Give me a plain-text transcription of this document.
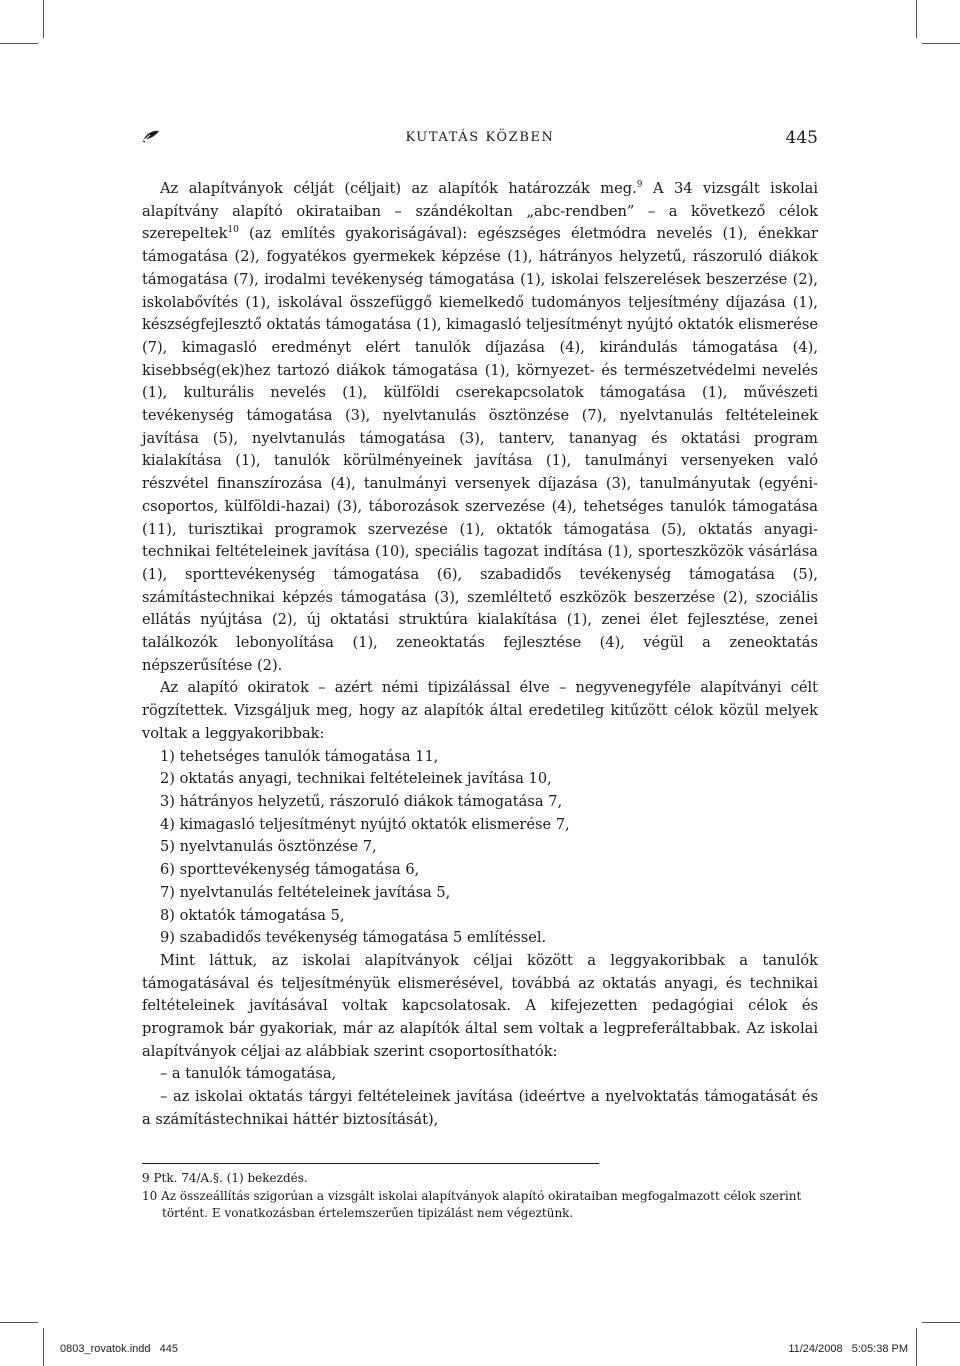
KUTATÁS KÖZBEN	445

Az alapítványok célját (céljait) az alapítók határozzák meg.$^9$ A 34 vizsgált iskolai alapítvány alapító okirataiban – szándékoltan „abc-rendben” – a következő célok szerepeltek$^{10}$ (az említés gyakoriságával): egészséges életmódra nevelés (1), énekkar támogatása (2), fogyatékos gyermekek képzése (1), hátrányos helyzetű, rászoruló diákok támogatása (7), irodalmi tevékenység támogatása (1), iskolai felszerelések beszerzése (2), iskolabővítés (1), iskolával összefüggő kiemelkedő tudományos teljesítmény díjazása (1), készségfejlesztő oktatás támogatása (1), kimagasló teljesítményt nyújtó oktatók elismerése (7), kimagasló eredményt elért tanulók díjazása (4), kirándulás támogatása (4), kisebbség(ek)hez tartozó diákok támogatása (1), környezet- és természetvédelmi nevelés (1), kulturális nevelés (1), külföldi cserekapcsolatok támogatása (1), művészeti tevékenység támogatása (3), nyelvtanulás ösztönzése (7), nyelvtanulás feltételeinek javítása (5), nyelvtanulás támogatása (3), tanterv, tananyag és oktatási program kialakítása (1), tanulók körülményeinek javítása (1), tanulmányi versenyeken való részvétel finanszírozása (4), tanulmányi versenyek díjazása (3), tanulmányutak (egyéni-csoportos, külföldi-hazai) (3), táborozások szervezése (4), tehetséges tanulók támogatása (11), turisztikai programok szervezése (1), oktatók támogatása (5), oktatás anyagi-technikai feltételeinek javítása (10), speciális tagozat indítása (1), sporteszközök vásárlása (1), sporttevékenység támogatása (6), szabadidős tevékenység támogatása (5), számítástechnikai képzés támogatása (3), szemléltető eszközök beszerzése (2), szociális ellátás nyújtása (2), új oktatási struktúra kialakítása (1), zenei élet fejlesztése, zenei találkozók lebonyolítása (1), zeneoktatás fejlesztése (4), végül a zeneoktatás népszerűsítése (2).

Az alapító okiratok – azért némi tipizálással élve – negyvenegyféle alapítványi célt rögzítettek. Vizsgáljuk meg, hogy az alapítók által eredetileg kitűzött célok közül melyek voltak a leggyakoribbak:

1) tehetséges tanulók támogatása 11,

2) oktatás anyagi, technikai feltételeinek javítása 10,

3) hátrányos helyzetű, rászoruló diákok támogatása 7,

4) kimagasló teljesítményt nyújtó oktatók elismerése 7,

5) nyelvtanulás ösztönzése 7,

6) sporttevékenység támogatása 6,

7) nyelvtanulás feltételeinek javítása 5,

8) oktatók támogatása 5,

9) szabadidős tevékenység támogatása 5 említéssel.

Mint láttuk, az iskolai alapítványok céljai között a leggyakoribbak a tanulók támogatásával és teljesítményük elismerésével, továbbá az oktatás anyagi, és technikai feltételeinek javításával voltak kapcsolatosak. A kifejezetten pedagógiai célok és programok bár gyakoriak, már az alapítók által sem voltak a legpreferáltabbak. Az iskolai alapítványok céljai az alábbiak szerint csoportosíthatók:

– a tanulók támogatása,

– az iskolai oktatás tárgyi feltételeinek javítása (ideértve a nyelvoktatás támogatását és a számítástechnikai háttér biztosítását),

9 Ptk. 74/A.§. (1) bekezdés.

10 Az összeállítás szigorúan a vizsgált iskolai alapítványok alapító okirataiban megfogalmazott célok szerint történt. E vonatkozásban értelemszerűen tipizálást nem végeztünk.

0803_rovatok.indd   445	11/24/2008   5:05:38 PM
